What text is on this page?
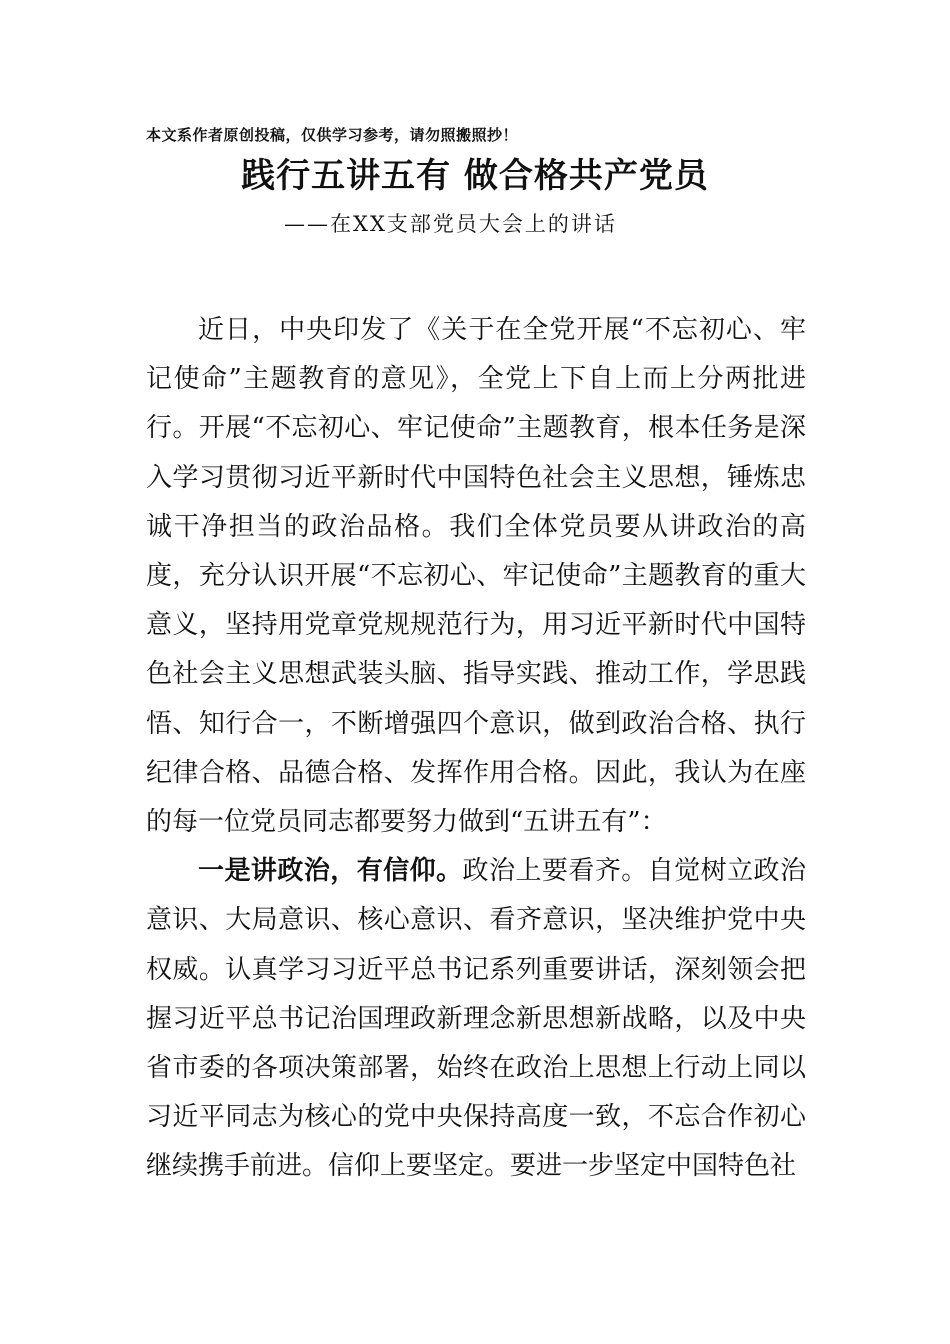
本文系作者原创投稿，仅供学习参考，请勿照搬照抄！
践行五讲五有 做合格共产党员
——在XX支部党员大会上的讲话

近日，中央印发了《关于在全党开展“不忘初心、牢记使命”主题教育的意见》，全党上下自上而上分两批进行。开展“不忘初心、牢记使命”主题教育，根本任务是深入学习贯彻习近平新时代中国特色社会主义思想，锤炼忠诚干净担当的政治品格。我们全体党员要从讲政治的高度，充分认识开展“不忘初心、牢记使命”主题教育的重大意义，坚持用党章党规规范行为，用习近平新时代中国特色社会主义思想武装头脑、指导实践、推动工作，学思践悟、知行合一，不断增强四个意识，做到政治合格、执行纪律合格、品德合格、发挥作用合格。因此，我认为在座的每一位党员同志都要努力做到“五讲五有”：

一是讲政治，有信仰。政治上要看齐。自觉树立政治意识、大局意识、核心意识、看齐意识，坚决维护党中央权威。认真学习习近平总书记系列重要讲话，深刻领会把握习近平总书记治国理政新理念新思想新战略，以及中央省市委的各项决策部署，始终在政治上思想上行动上同以习近平同志为核心的党中央保持高度一致，不忘合作初心继续携手前进。信仰上要坚定。要进一步坚定中国特色社
